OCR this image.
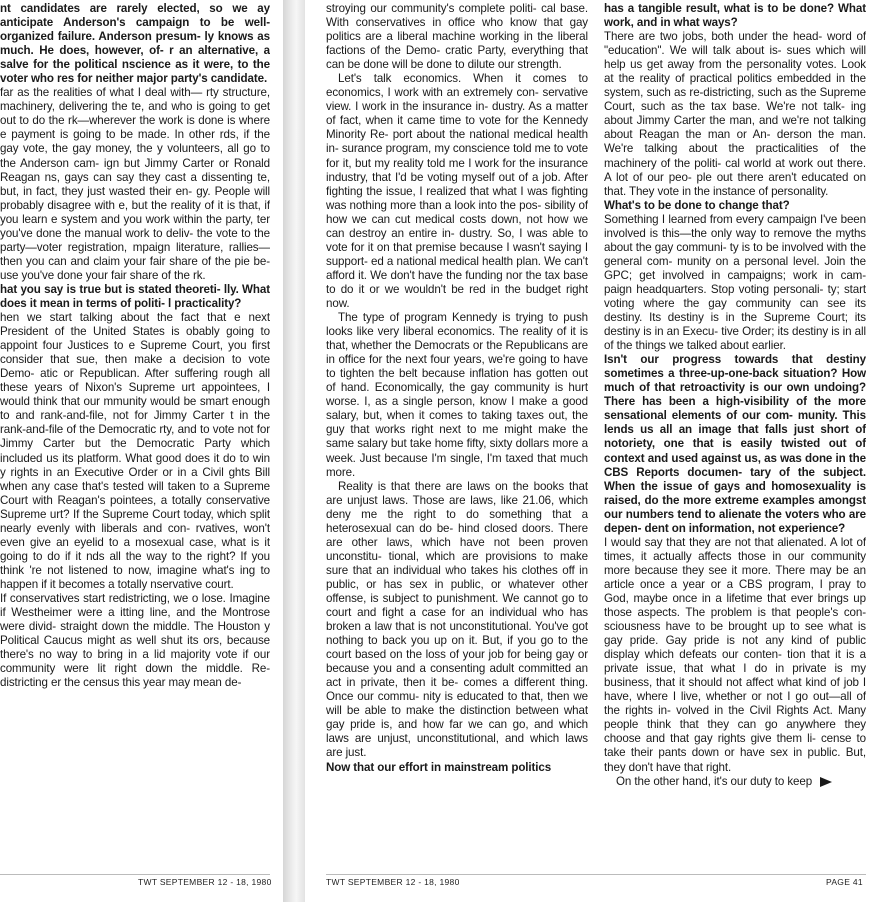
nt candidates are rarely elected, so we ay anticipate Anderson's campaign to be well-organized failure. Anderson presum- ly knows as much. He does, however, of- r an alternative, a salve for the political nscience as it were, to the voter who res for neither major party's candidate.

far as the realities of what I deal with— rty structure, machinery, delivering the te, and who is going to get out to do the rk—wherever the work is done is where e payment is going to be made. In other rds, if the gay vote, the gay money, the y volunteers, all go to the Anderson cam- ign but Jimmy Carter or Ronald Reagan ns, gays can say they cast a dissenting te, but, in fact, they just wasted their en- gy. People will probably disagree with e, but the reality of it is that, if you learn e system and you work within the party, ter you've done the manual work to deliv- the vote to the party—voter registration, mpaign literature, rallies—then you can and claim your fair share of the pie be- use you've done your fair share of the rk.

hat you say is true but is stated theoreti- lly. What does it mean in terms of politi- l practicality?

hen we start talking about the fact that e next President of the United States is obably going to appoint four Justices to e Supreme Court, you first consider that sue, then make a decision to vote Demo- atic or Republican. After suffering rough all these years of Nixon's Supreme urt appointees, I would think that our mmunity would be smart enough to and rank-and-file, not for Jimmy Carter t in the rank-and-file of the Democratic rty, and to vote not for Jimmy Carter but the Democratic Party which included us its platform. What good does it do to win y rights in an Executive Order or in a Civil ghts Bill when any case that's tested will taken to a Supreme Court with Reagan's pointees, a totally conservative Supreme urt? If the Supreme Court today, which split nearly evenly with liberals and con- rvatives, won't even give an eyelid to a mosexual case, what is it going to do if it nds all the way to the right? If you think 're not listened to now, imagine what's ing to happen if it becomes a totally nservative court.

If conservatives start redistricting, we o lose. Imagine if Westheimer were a itting line, and the Montrose were divid- straight down the middle. The Houston y Political Caucus might as well shut its ors, because there's no way to bring in a lid majority vote if our community were lit right down the middle. Re-districting er the census this year may mean de-

stroying our community's complete politi- cal base. With conservatives in office who know that gay politics are a liberal machine working in the liberal factions of the Demo- cratic Party, everything that can be done will be done to dilute our strength.

Let's talk economics. When it comes to economics, I work with an extremely con- servative view. I work in the insurance in- dustry. As a matter of fact, when it came time to vote for the Kennedy Minority Re- port about the national medical health in- surance program, my conscience told me to vote for it, but my reality told me I work for the insurance industry, that I'd be voting myself out of a job. After fighting the issue, I realized that what I was fighting was nothing more than a look into the pos- sibility of how we can cut medical costs down, not how we can destroy an entire in- dustry. So, I was able to vote for it on that premise because I wasn't saying I support- ed a national medical health plan. We can't afford it. We don't have the funding nor the tax base to do it or we wouldn't be red in the budget right now.

The type of program Kennedy is trying to push looks like very liberal economics. The reality of it is that, whether the Democrats or the Republicans are in office for the next four years, we're going to have to tighten the belt because inflation has gotten out of hand. Economically, the gay community is hurt worse. I, as a single person, know I make a good salary, but, when it comes to taking taxes out, the guy that works right next to me might make the same salary but take home fifty, sixty dollars more a week. Just because I'm single, I'm taxed that much more.

Reality is that there are laws on the books that are unjust laws. Those are laws, like 21.06, which deny me the right to do something that a heterosexual can do be- hind closed doors. There are other laws, which have not been proven unconstitu- tional, which are provisions to make sure that an individual who takes his clothes off in public, or has sex in public, or whatever other offense, is subject to punishment. We cannot go to court and fight a case for an individual who has broken a law that is not unconstitutional. You've got nothing to back you up on it. But, if you go to the court based on the loss of your job for being gay or because you and a consenting adult committed an act in private, then it be- comes a different thing. Once our commu- nity is educated to that, then we will be able to make the distinction between what gay pride is, and how far we can go, and which laws are unjust, unconstitutional, and which laws are just.

Now that our effort in mainstream politics

has a tangible result, what is to be done? What work, and in what ways?

There are two jobs, both under the head- word of "education". We will talk about is- sues which will help us get away from the personality votes. Look at the reality of practical politics embedded in the system, such as re-districting, such as the Supreme Court, such as the tax base. We're not talk- ing about Jimmy Carter the man, and we're not talking about Reagan the man or An- derson the man. We're talking about the practicalities of the machinery of the politi- cal world at work out there. A lot of our peo- ple out there aren't educated on that. They vote in the instance of personality.

What's to be done to change that?

Something I learned from every campaign I've been involved is this—the only way to remove the myths about the gay communi- ty is to be involved with the general com- munity on a personal level. Join the GPC; get involved in campaigns; work in cam- paign headquarters. Stop voting personali- ty; start voting where the gay community can see its destiny. Its destiny is in the Supreme Court; its destiny is in an Execu- tive Order; its destiny is in all of the things we talked about earlier.

Isn't our progress towards that destiny sometimes a three-up-one-back situation? How much of that retroactivity is our own undoing? There has been a high-visibility of the more sensational elements of our com- munity. This lends us all an image that falls just short of notoriety, one that is easily twisted out of context and used against us, as was done in the CBS Reports documen- tary of the subject. When the issue of gays and homosexuality is raised, do the more extreme examples amongst our numbers tend to alienate the voters who are depen- dent on information, not experience?

I would say that they are not that alienated. A lot of times, it actually affects those in our community more because they see it more. There may be an article once a year or a CBS program, I pray to God, maybe once in a lifetime that ever brings up those aspects. The problem is that people's con- sciousness have to be brought up to see what is gay pride. Gay pride is not any kind of public display which defeats our conten- tion that it is a private issue, that what I do in private is my business, that it should not affect what kind of job I have, where I live, whether or not I go out—all of the rights in- volved in the Civil Rights Act. Many people think that they can go anywhere they choose and that gay rights give them li- cense to take their pants down or have sex in public. But, they don't have that right.

On the other hand, it's our duty to keep

TWT SEPTEMBER 12 - 18, 1980	TWT SEPTEMBER 12 - 18, 1980	PAGE 41
